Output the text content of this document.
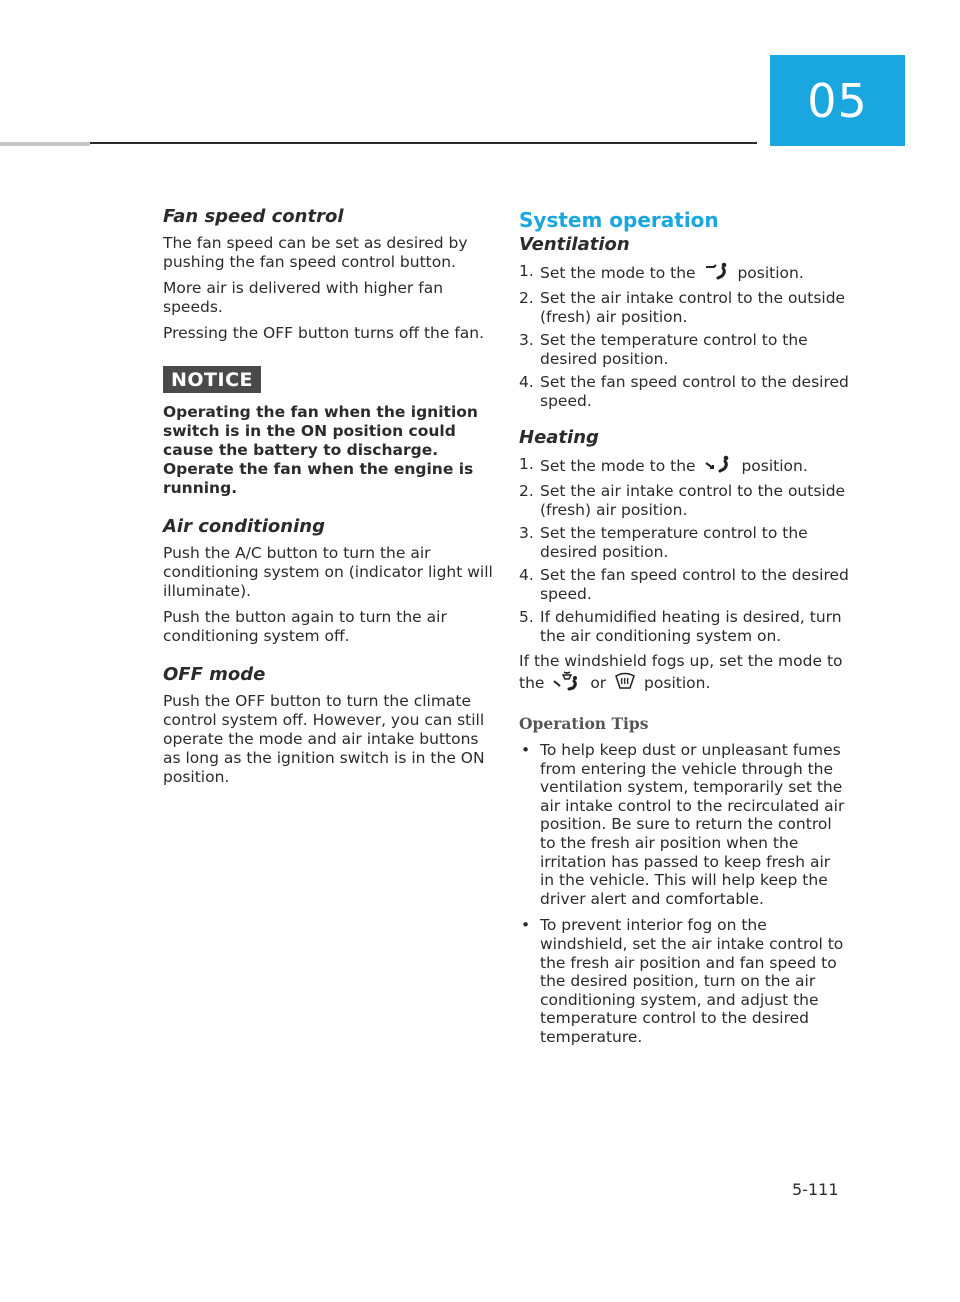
05
Fan speed control

The fan speed can be set as desired by pushing the fan speed control button.

More air is delivered with higher fan speeds.

Pressing the OFF button turns off the fan.

NOTICE

Operating the fan when the ignition switch is in the ON position could cause the battery to discharge. Operate the fan when the engine is running.

Air conditioning

Push the A/C button to turn the air conditioning system on (indicator light will illuminate).

Push the button again to turn the air conditioning system off.

OFF mode

Push the OFF button to turn the climate control system off. However, you can still operate the mode and air intake buttons as long as the ignition switch is in the ON position.

System operation
Ventilation
1. Set the mode to the	position.
2. Set the air intake control to the outside (fresh) air position.
3. Set the temperature control to the desired position.
4. Set the fan speed control to the desired speed.
Heating
1. Set the mode to the	position.
2. Set the air intake control to the outside (fresh) air position.
3. Set the temperature control to the desired position.
4. Set the fan speed control to the desired speed.
5. If dehumidified heating is desired, turn the air conditioning system on.

If the windshield fogs up, set the mode to the	or position.

Operation Tips
• To help keep dust or unpleasant fumes from entering the vehicle through the ventilation system, temporarily set the air intake control to the recirculated air position. Be sure to return the control to the fresh air position when the irritation has passed to keep fresh air in the vehicle. This will help keep the driver alert and comfortable.
• To prevent interior fog on the windshield, set the air intake control to the fresh air position and fan speed to the desired position, turn on the air conditioning system, and adjust the temperature control to the desired temperature.
5-111
